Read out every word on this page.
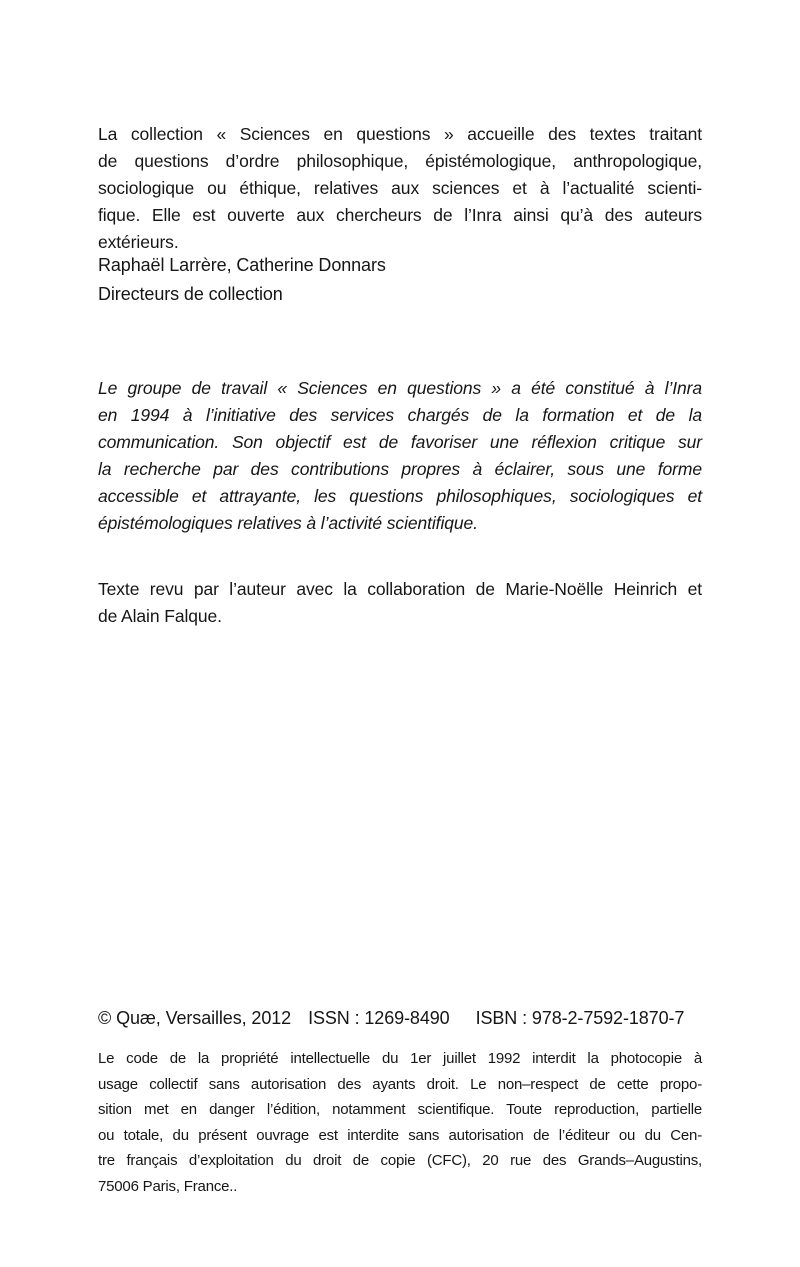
La collection « Sciences en questions » accueille des textes traitant
de questions d’ordre philosophique, épistémologique, anthropologique,
sociologique ou éthique, relatives aux sciences et à l’actualité scienti-
fique. Elle est ouverte aux chercheurs de l’Inra ainsi qu’à des auteurs
extérieurs.
Raphaël Larrère, Catherine Donnars
Directeurs de collection
Le groupe de travail « Sciences en questions » a été constitué à l’Inra
en 1994 à l’initiative des services chargés de la formation et de la
communication. Son objectif est de favoriser une réflexion critique sur
la recherche par des contributions propres à éclairer, sous une forme
accessible et attrayante, les questions philosophiques, sociologiques et
épistémologiques relatives à l’activité scientifique.
Texte revu par l’auteur avec la collaboration de Marie-Noëlle Heinrich et
de Alain Falque.
© Quæ, Versailles, 2012 ISSN : 1269-8490 ISBN : 978-2-7592-1870-7
Le code de la propriété intellectuelle du 1er juillet 1992 interdit la photocopie à
usage collectif sans autorisation des ayants droit. Le non–respect de cette propo-
sition met en danger l’édition, notamment scientifique. Toute reproduction, partielle
ou totale, du présent ouvrage est interdite sans autorisation de l’éditeur ou du Cen-
tre français d’exploitation du droit de copie (CFC), 20 rue des Grands–Augustins,
75006 Paris, France..
